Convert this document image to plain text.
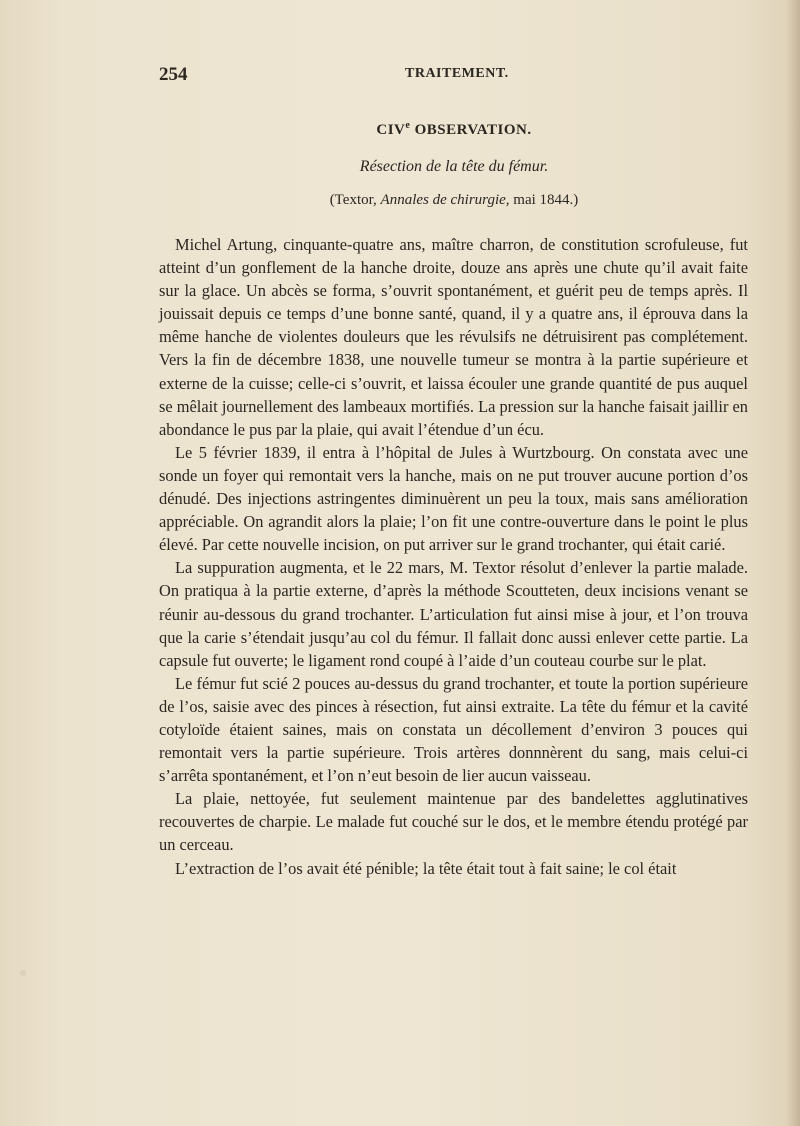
254	TRAITEMENT.
CIVe OBSERVATION.
Résection de la tête du fémur.
(Textor, Annales de chirurgie, mai 1844.)

Michel Artung, cinquante-quatre ans, maître charron, de constitution scrofuleuse, fut atteint d’un gonflement de la hanche droite, douze ans après une chute qu’il avait faite sur la glace. Un abcès se forma, s’ouvrit spontanément, et guérit peu de temps après. Il jouissait depuis ce temps d’une bonne santé, quand, il y a quatre ans, il éprouva dans la même hanche de violentes douleurs que les révulsifs ne détruisirent pas complétement. Vers la fin de décembre 1838, une nouvelle tumeur se montra à la partie supérieure et externe de la cuisse; celle-ci s’ouvrit, et laissa écouler une grande quantité de pus auquel se mêlait journellement des lambeaux mortifiés. La pression sur la hanche faisait jaillir en abondance le pus par la plaie, qui avait l’étendue d’un écu.

Le 5 février 1839, il entra à l’hôpital de Jules à Wurtzbourg. On constata avec une sonde un foyer qui remontait vers la hanche, mais on ne put trouver aucune portion d’os dénudé. Des injections astringentes diminuèrent un peu la toux, mais sans amélioration appréciable. On agrandit alors la plaie; l’on fit une contre-ouverture dans le point le plus élevé. Par cette nouvelle incision, on put arriver sur le grand trochanter, qui était carié.

La suppuration augmenta, et le 22 mars, M. Textor résolut d’enlever la partie malade. On pratiqua à la partie externe, d’après la méthode Scoutteten, deux incisions venant se réunir au-dessous du grand trochanter. L’articulation fut ainsi mise à jour, et l’on trouva que la carie s’étendait jusqu’au col du fémur. Il fallait donc aussi enlever cette partie. La capsule fut ouverte; le ligament rond coupé à l’aide d’un couteau courbe sur le plat.

Le fémur fut scié 2 pouces au-dessus du grand trochanter, et toute la portion supérieure de l’os, saisie avec des pinces à résection, fut ainsi extraite. La tête du fémur et la cavité cotyloïde étaient saines, mais on constata un décollement d’environ 3 pouces qui remontait vers la partie supérieure. Trois artères donnnèrent du sang, mais celui-ci s’arrêta spontanément, et l’on n’eut besoin de lier aucun vaisseau.

La plaie, nettoyée, fut seulement maintenue par des bandelettes agglutinatives recouvertes de charpie. Le malade fut couché sur le dos, et le membre étendu protégé par un cerceau.

L’extraction de l’os avait été pénible; la tête était tout à fait saine; le col était
